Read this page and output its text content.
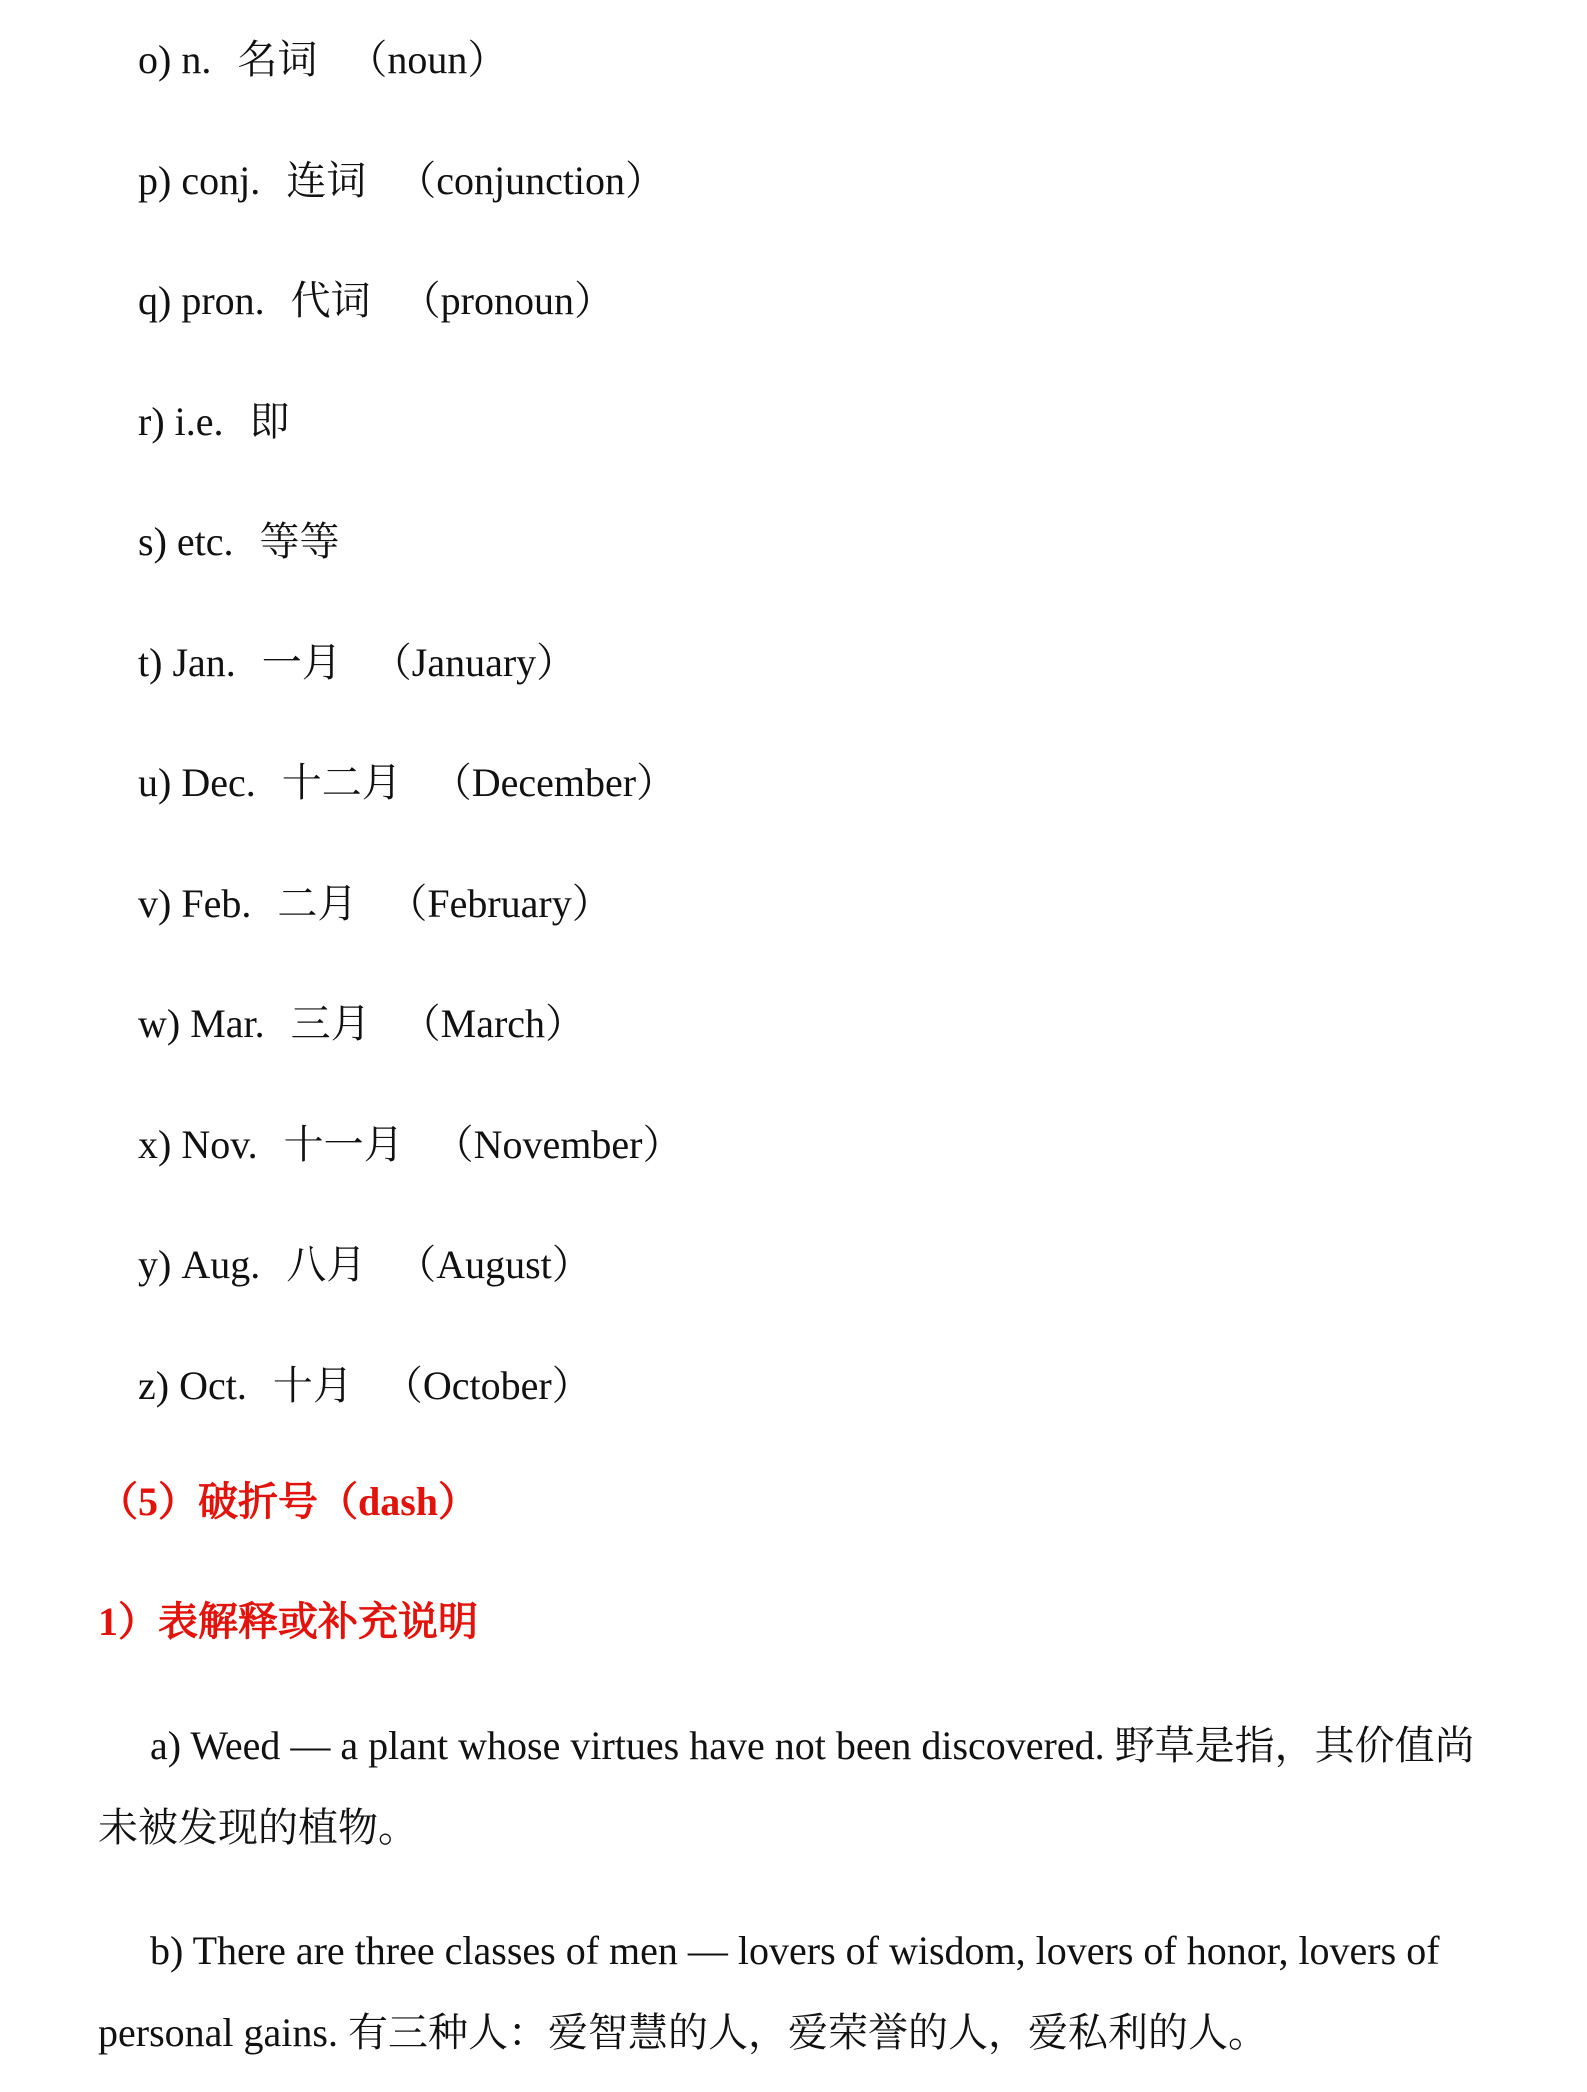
o) n. 名词 （noun）
p) conj. 连词 （conjunction）
q) pron. 代词 （pronoun）
r) i.e. 即
s) etc. 等等
t) Jan. 一月 （January）
u) Dec. 十二月 （December）
v) Feb. 二月 （February）
w) Mar. 三月 （March）
x) Nov. 十一月 （November）
y) Aug. 八月 （August）
z) Oct. 十月 （October）
（5）破折号（dash）
1）表解释或补充说明

a) Weed — a plant whose virtues have not been discovered. 野草是指，其价值尚未被发现的植物。

b) There are three classes of men — lovers of wisdom, lovers of honor, lovers of personal gains. 有三种人：爱智慧的人，爱荣誉的人，爱私利的人。
